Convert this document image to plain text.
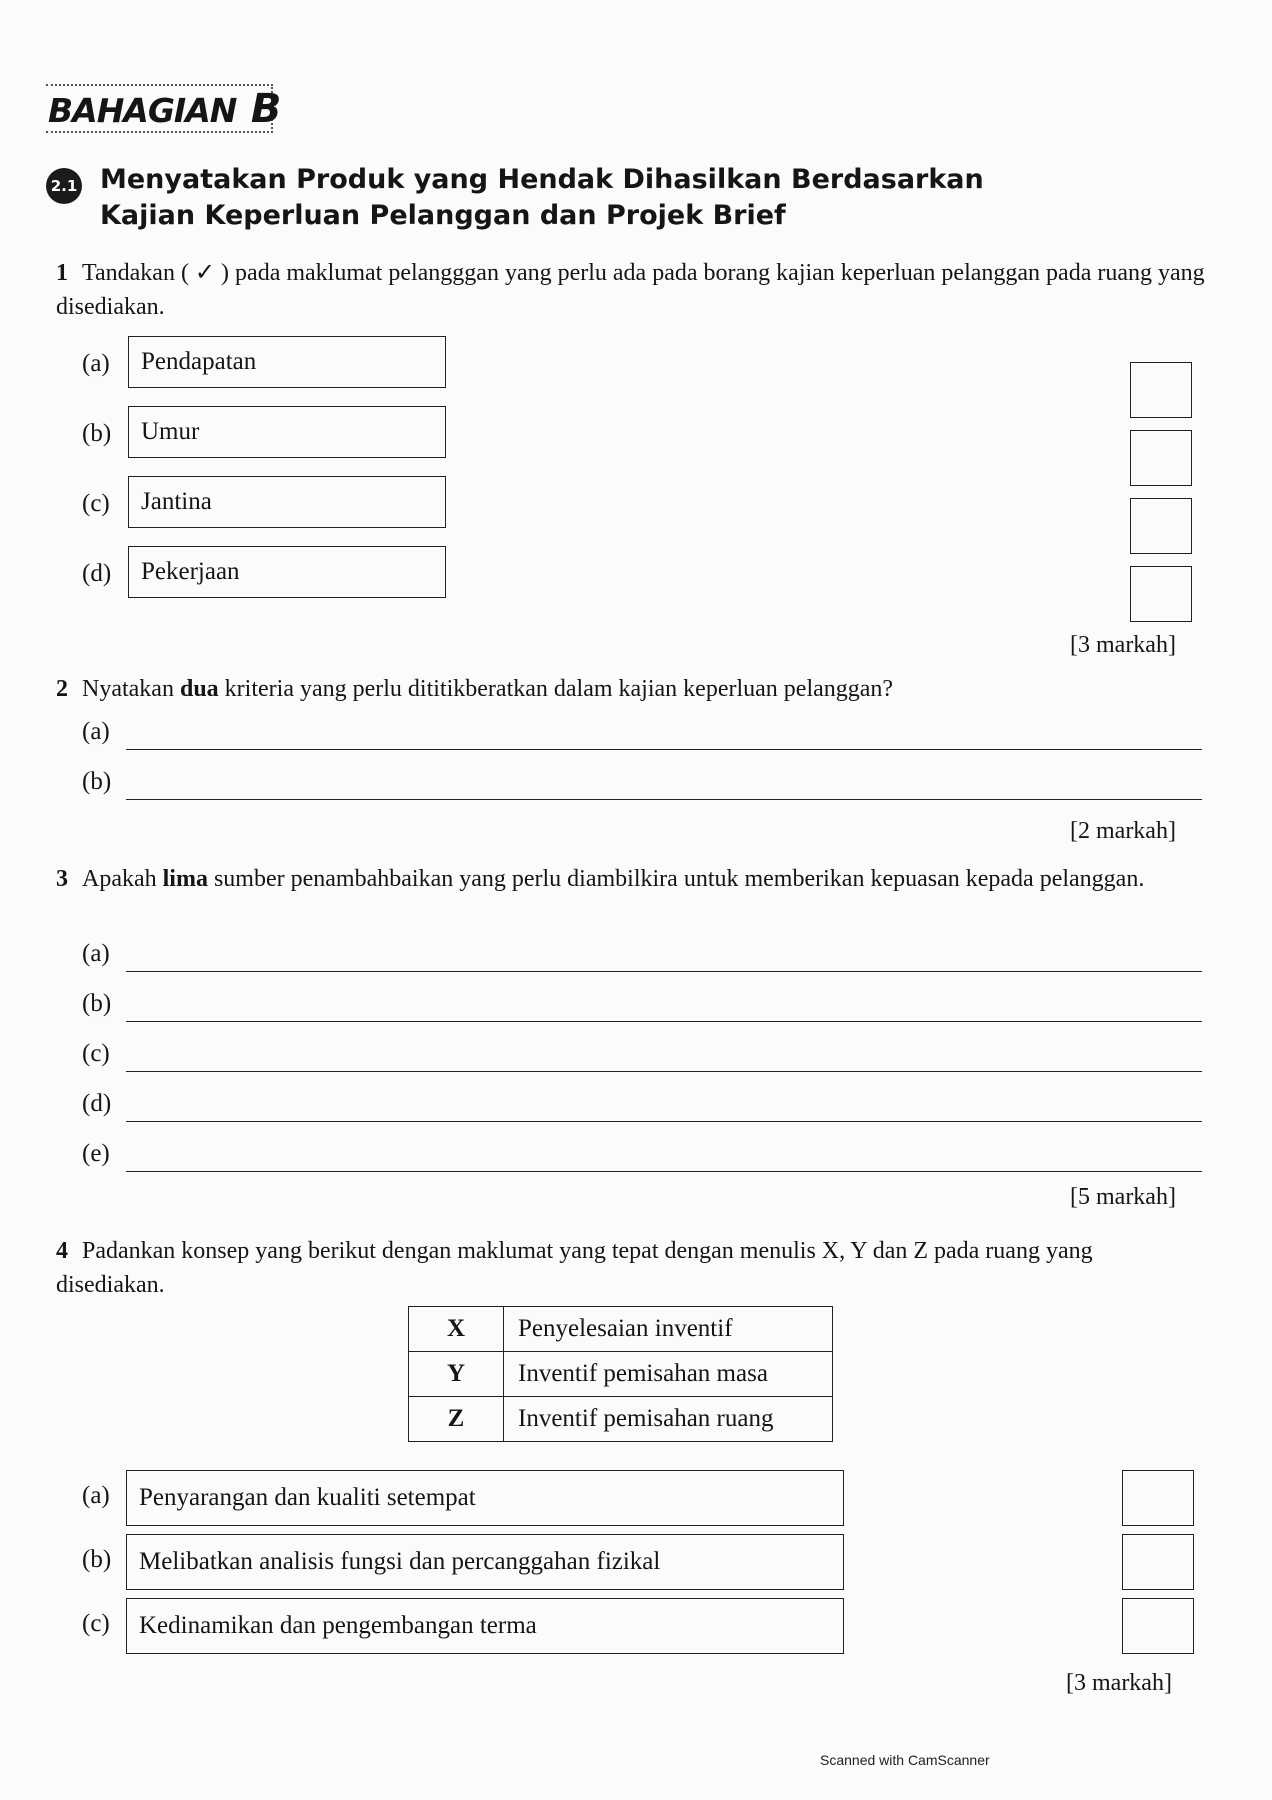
BAHAGIAN B
2.1 Menyatakan Produk yang Hendak Dihasilkan Berdasarkan Kajian Keperluan Pelanggan dan Projek Brief
1 Tandakan ( ✓ ) pada maklumat pelangggan yang perlu ada pada borang kajian keperluan pelanggan pada ruang yang disediakan.
(a)	Pendapatan
(b)	Umur
(c)	Jantina
(d)	Pekerjaan
[3 markah]
2 Nyatakan dua kriteria yang perlu dititikberatkan dalam kajian keperluan pelanggan?
(a)
(b)
[2 markah]
3 Apakah lima sumber penambahbaikan yang perlu diambilkira untuk memberikan kepuasan kepada pelanggan.
(a)
(b)
(c)
(d)
(e)
[5 markah]
4 Padankan konsep yang berikut dengan maklumat yang tepat dengan menulis X, Y dan Z pada ruang yang disediakan.
X	Penyelesaian inventif
Y	Inventif pemisahan masa
Z	Inventif pemisahan ruang
(a)	Penyarangan dan kualiti setempat
(b)	Melibatkan analisis fungsi dan percanggahan fizikal
(c)	Kedinamikan dan pengembangan terma
[3 markah]
Scanned with CamScanner
